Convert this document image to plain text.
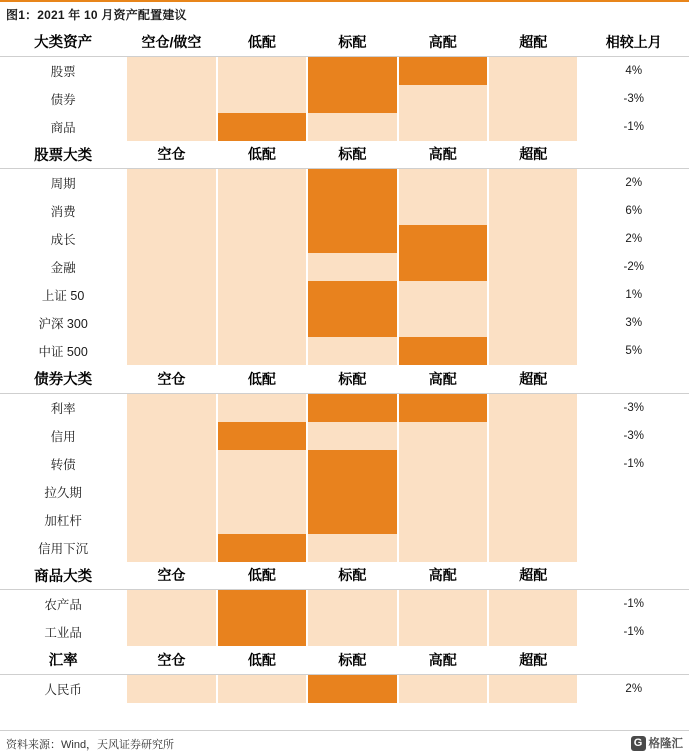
图1：2021 年 10 月资产配置建议
大类资产	空仓/做空	低配	标配	高配	超配	相较上月
股票						4%
债券						-3%
商品						-1%
股票大类	空仓	低配	标配	高配	超配	
周期						2%
消费						6%
成长						2%
金融						-2%
上证 50						1%
沪深 300						3%
中证 500						5%
债券大类	空仓	低配	标配	高配	超配	
利率						-3%
信用						-3%
转债						-1%
拉久期	

加杠杆	

信用下沉	

商品大类	空仓	低配	标配	高配	超配	
农产品						-1%
工业品						-1%
汇率	空仓	低配	标配	高配	超配	
人民币						2%
资料来源：Wind，天风证券研究所	G 格隆汇
